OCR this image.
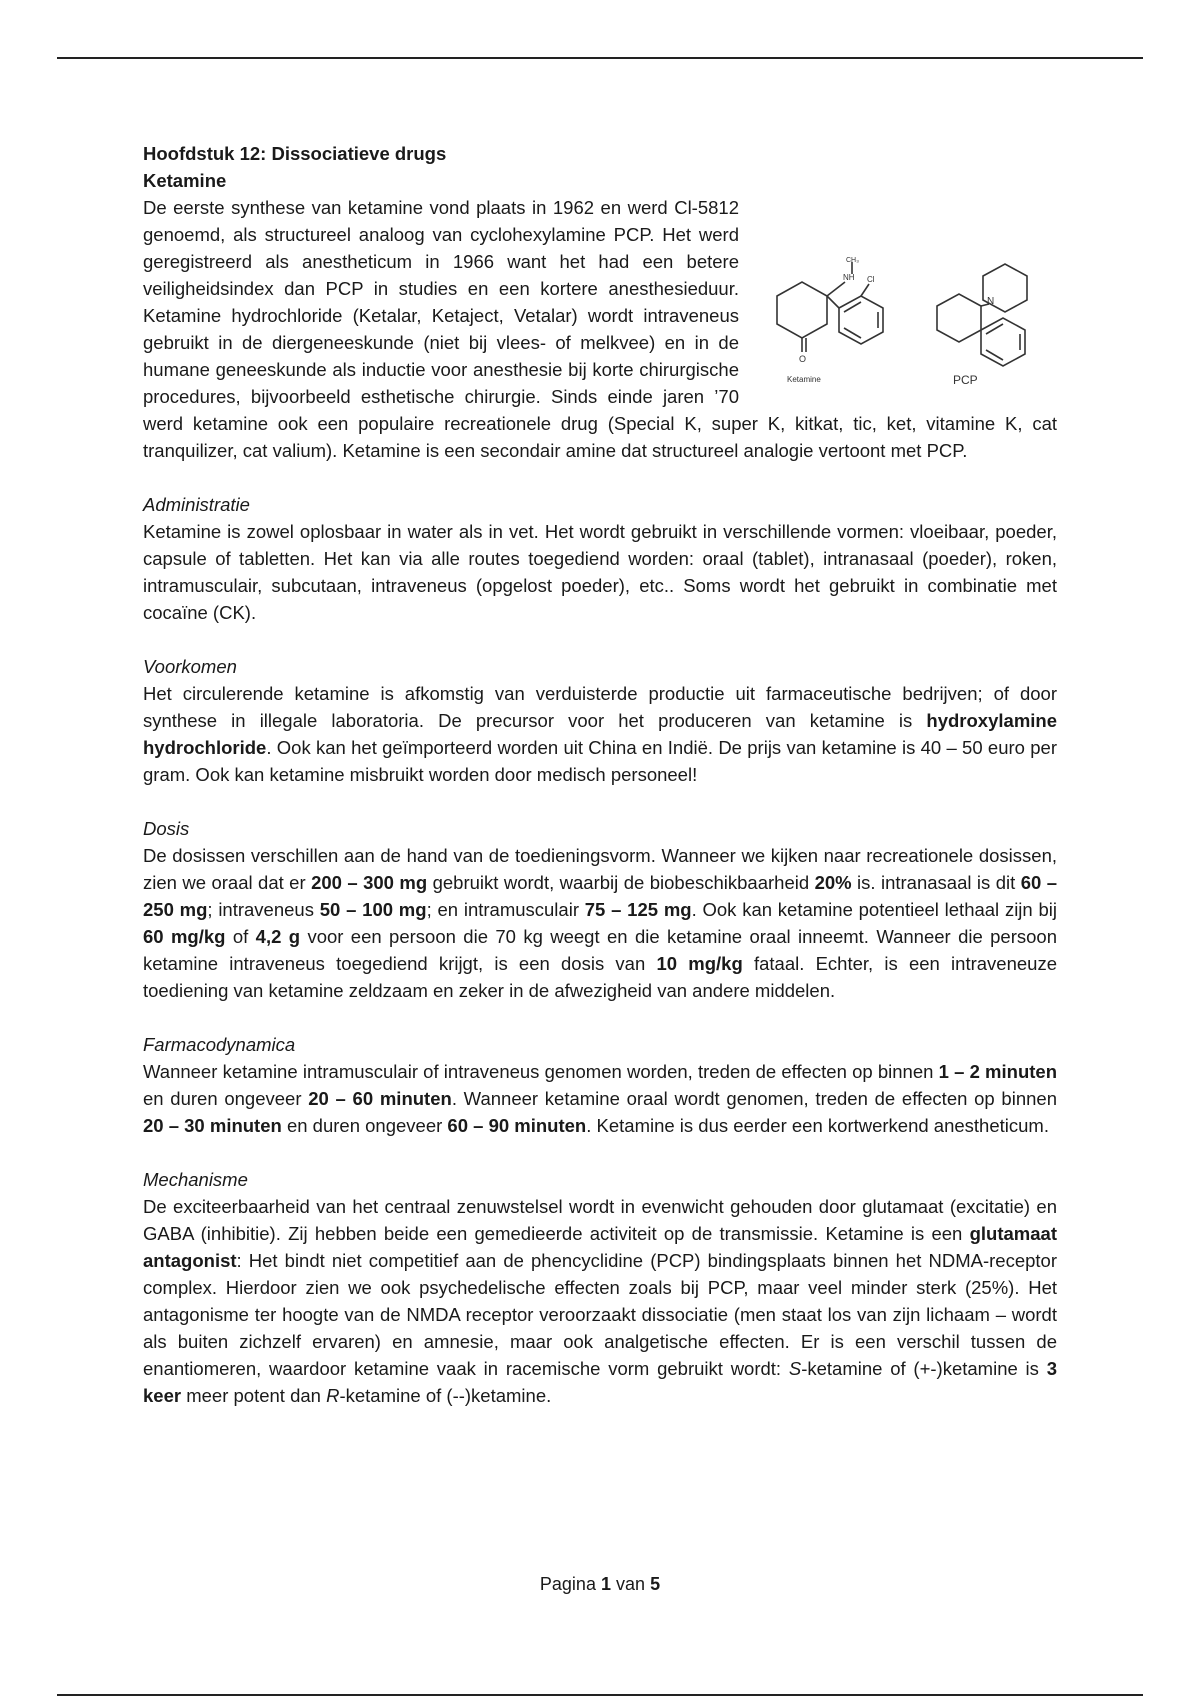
Hoofdstuk 12: Dissociatieve drugs

Ketamine

NH
CH₃
Cl
O
N
Ketamine	PCP

De eerste synthese van ketamine vond plaats in 1962 en werd Cl-5812 genoemd, als structureel analoog van cyclohexylamine PCP. Het werd geregistreerd als anestheticum in 1966 want het had een betere veiligheidsindex dan PCP in studies en een kortere anesthesieduur. Ketamine hydrochloride (Ketalar, Ketaject, Vetalar) wordt intraveneus gebruikt in de diergeneeskunde (niet bij vlees- of melkvee) en in de humane geneeskunde als inductie voor anesthesie bij korte chirurgische procedures, bijvoorbeeld esthetische chirurgie. Sinds einde jaren ’70 werd ketamine ook een populaire recreationele drug (Special K, super K, kitkat, tic, ket, vitamine K, cat tranquilizer, cat valium). Ketamine is een secondair amine dat structureel analogie vertoont met PCP.

Administratie

Ketamine is zowel oplosbaar in water als in vet. Het wordt gebruikt in verschillende vormen: vloeibaar, poeder, capsule of tabletten. Het kan via alle routes toegediend worden: oraal (tablet), intranasaal (poeder), roken, intramusculair, subcutaan, intraveneus (opgelost poeder), etc.. Soms wordt het gebruikt in combinatie met cocaïne (CK).

Voorkomen

Het circulerende ketamine is afkomstig van verduisterde productie uit farmaceutische bedrijven; of door synthese in illegale laboratoria. De precursor voor het produceren van ketamine is hydroxylamine hydrochloride. Ook kan het geïmporteerd worden uit China en Indië. De prijs van ketamine is 40 – 50 euro per gram. Ook kan ketamine misbruikt worden door medisch personeel!

Dosis

De dosissen verschillen aan de hand van de toedieningsvorm. Wanneer we kijken naar recreationele dosissen, zien we oraal dat er 200 – 300 mg gebruikt wordt, waarbij de biobeschikbaarheid 20% is. intranasaal is dit 60 – 250 mg; intraveneus 50 – 100 mg; en intramusculair 75 – 125 mg. Ook kan ketamine potentieel lethaal zijn bij 60 mg/kg of 4,2 g voor een persoon die 70 kg weegt en die ketamine oraal inneemt. Wanneer die persoon ketamine intraveneus toegediend krijgt, is een dosis van 10 mg/kg fataal. Echter, is een intraveneuze toediening van ketamine zeldzaam en zeker in de afwezigheid van andere middelen.

Farmacodynamica

Wanneer ketamine intramusculair of intraveneus genomen worden, treden de effecten op binnen 1 – 2 minuten en duren ongeveer 20 – 60 minuten. Wanneer ketamine oraal wordt genomen, treden de effecten op binnen 20 – 30 minuten en duren ongeveer 60 – 90 minuten. Ketamine is dus eerder een kortwerkend anestheticum.

Mechanisme

De exciteerbaarheid van het centraal zenuwstelsel wordt in evenwicht gehouden door glutamaat (excitatie) en GABA (inhibitie). Zij hebben beide een gemedieerde activiteit op de transmissie. Ketamine is een glutamaat antagonist: Het bindt niet competitief aan de phencyclidine (PCP) bindingsplaats binnen het NDMA-receptor complex. Hierdoor zien we ook psychedelische effecten zoals bij PCP, maar veel minder sterk (25%). Het antagonisme ter hoogte van de NMDA receptor veroorzaakt dissociatie (men staat los van zijn lichaam – wordt als buiten zichzelf ervaren) en amnesie, maar ook analgetische effecten. Er is een verschil tussen de enantiomeren, waardoor ketamine vaak in racemische vorm gebruikt wordt: S-ketamine of (+-)ketamine is 3 keer meer potent dan R-ketamine of (--)ketamine.

Pagina 1 van 5
